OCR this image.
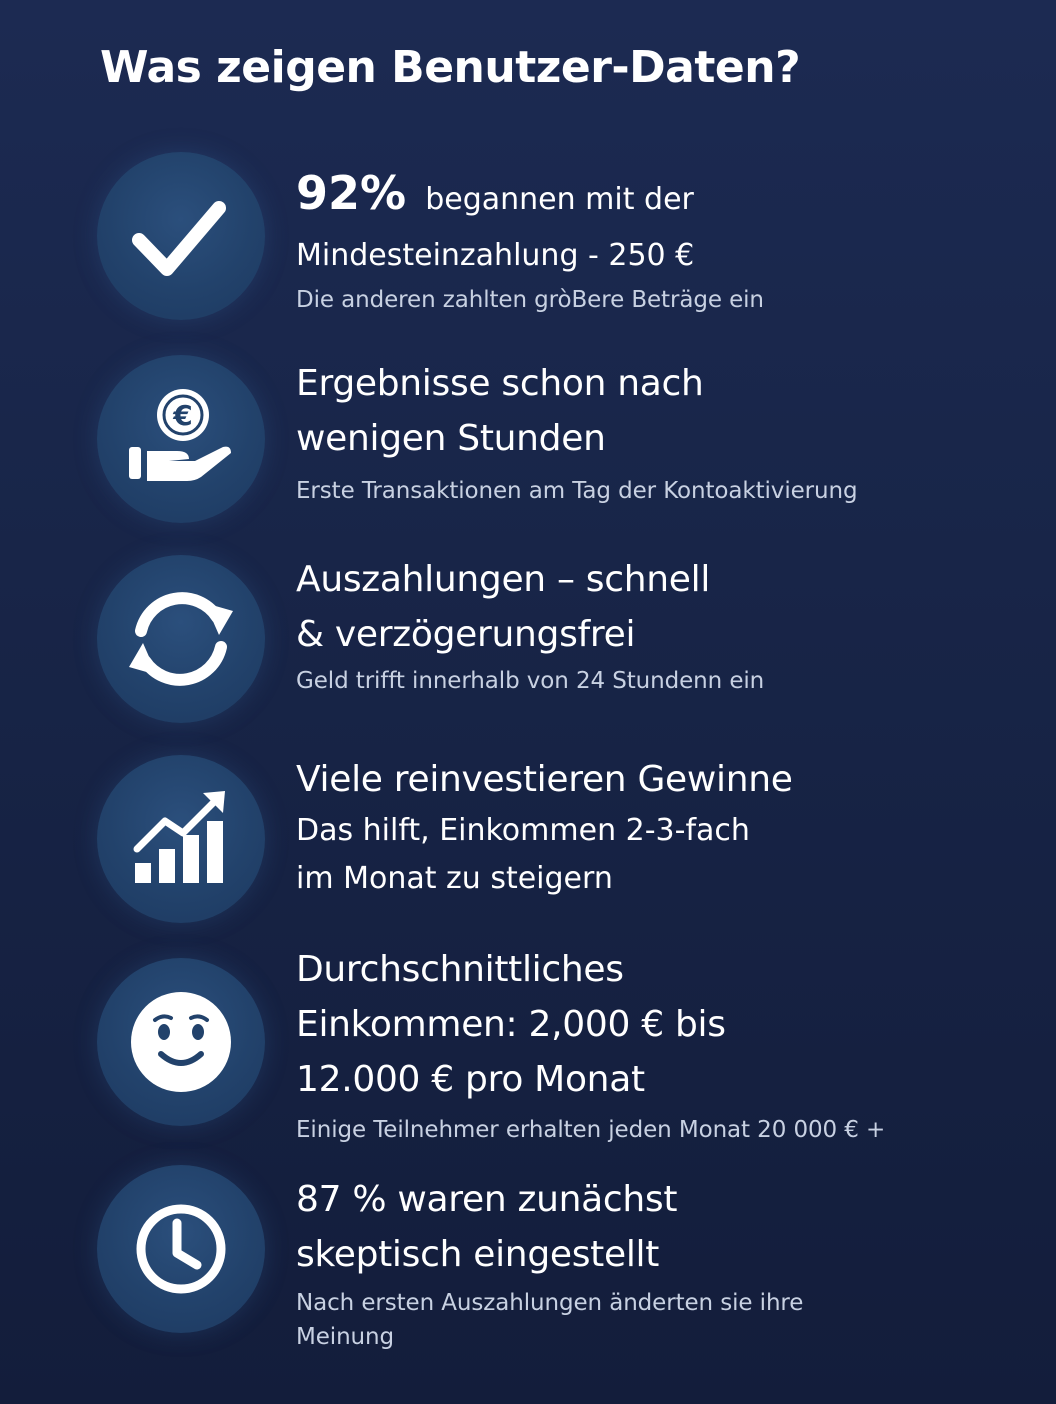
Was zeigen Benutzer-Daten?
92% begannen mit der
Mindesteinzahlung - 250 €
Die anderen zahlten gròBere Beträge ein
€
Ergebnisse schon nach
wenigen Stunden
Erste Transaktionen am Tag der Kontoaktivierung
Auszahlungen – schnell
& verzögerungsfrei
Geld trifft innerhalb von 24 Stundenn ein
Viele reinvestieren Gewinne
Das hilft, Einkommen 2-3-fach
im Monat zu steigern
Durchschnittliches
Einkommen: 2,000 € bis
12.000 € pro Monat
Einige Teilnehmer erhalten jeden Monat 20 000 € +
87 % waren zunächst
skeptisch eingestellt
Nach ersten Auszahlungen änderten sie ihre
Meinung
